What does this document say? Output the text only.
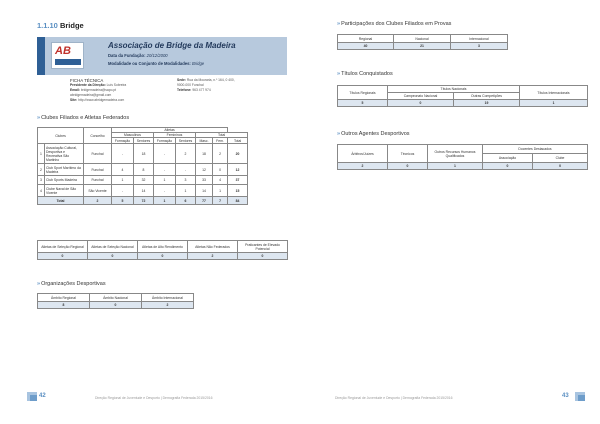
1.1.10 Bridge
AB	Associação de Bridge da Madeira
Data da Fundação: 20/12/2000
Modalidade ou Conjunto de Modalidades: Bridge
FICHA TÉCNICA
Presidente da Direção: Luís Sobreira
Email: bridgemadeira@sapo.pt
abridgemadeira@gmail.com
Site: http://www.abridgemadeira.com
Sede: Rua da Mouraria, n.º 164, 0 400,
9000-000 Funchal
Telefone: 963 477 974
»Clubes Filiados e Atletas Federados
Clubes		Concelho	Atletas							
			Masculinos		Femininos		Total			
			Formação	Seniores	Formação	Seniores	Masc.	Fem.	Total	
1	Associação Cultural, Desportiva e Recreativa São Martinho	Funchal	-	18	-	2	18	2	20	
2	Club Sport Marítimo da Madeira	Funchal	4	8	-	-	12	0	12	
3	Club Sports Madeira	Funchal	1	32	1	3	33	4	37	
4	Clube Naval de São Vicente	São Vicente	-	14	-	1	14	1	15	
Total		2	5	72	1	6	77	7	84	
Atletas de Seleção Regional	Atletas de Seleção Nacional	Atletas de Alto Rendimento	Atletas Não Federados	Praticantes de Elevado Potencial
0	0	0	2	0
»Organizações Desportivas
Âmbito Regional	Âmbito Nacional	Âmbito Internacional
8	0	2
42	Direção Regional de Juventude e Desporto | Demografia Federada 2015/2016
»Participações dos Clubes Filiados em Provas
Regional	Nacional	Internacional
40	21	3
»Títulos Conquistados
Títulos Regionais	Títulos Nacionais		Títulos Internacionais
	Campeonato Nacional	Outras Competições	
5	0	19	1
»Outros Agentes Desportivos
Árbitros/Juízes	Técnicos	Outros Recursos Humanos Qualificados	Docentes Destacados	
			Associação	Clube
2	0	1	0	0
Direção Regional de Juventude e Desporto | Demografia Federada 2015/2016	43
